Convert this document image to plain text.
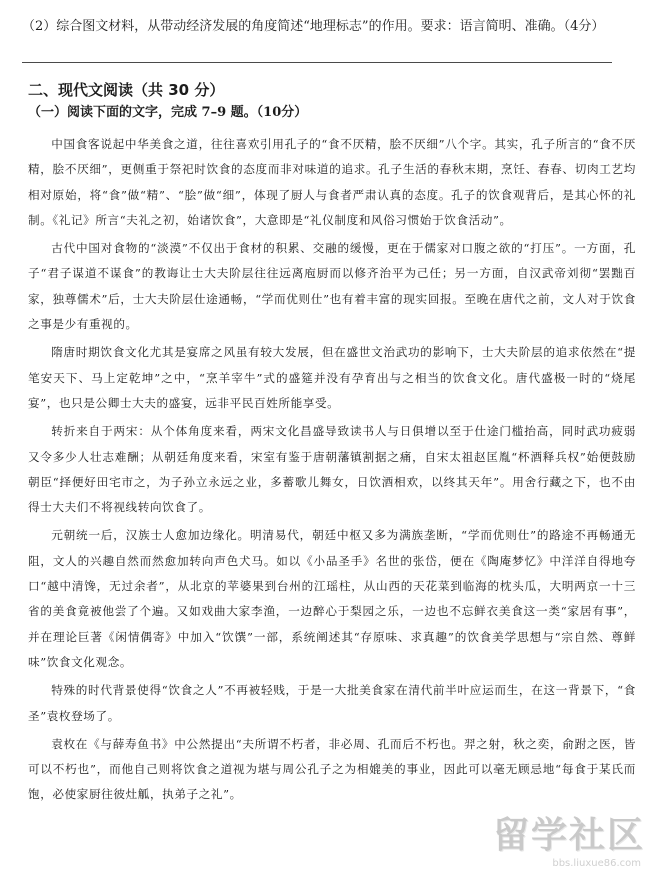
（2）综合图文材料，从带动经济发展的角度简述“地理标志”的作用。要求：语言简明、准确。（4分）
二、现代文阅读（共 30 分）
（一）阅读下面的文字，完成 7–9 题。（10分）

中国食客说起中华美食之道，往往喜欢引用孔子的“食不厌精，脍不厌细”八个字。其实，孔子所言的“食不厌精，脍不厌细”，更侧重于祭祀时饮食的态度而非对味道的追求。孔子生活的春秋末期，烹饪、舂春、切肉工艺均相对原始，将“食”做“精”、“脍”做“细”，体现了厨人与食者严肃认真的态度。孔子的饮食观背后，是其心怀的礼制。《礼记》所言“夫礼之初，始诸饮食”，大意即是“礼仪制度和风俗习惯始于饮食活动”。

古代中国对食物的“淡漠”不仅出于食材的积累、交融的缓慢，更在于儒家对口腹之欲的“打压”。一方面，孔子“君子谋道不谋食”的教诲让士大夫阶层往往远离庖厨而以修齐治平为己任；另一方面，自汉武帝刘彻“罢黜百家，独尊儒术”后，士大夫阶层仕途通畅，“学而优则仕”也有着丰富的现实回报。至晚在唐代之前，文人对于饮食之事是少有重视的。

隋唐时期饮食文化尤其是宴席之风虽有较大发展，但在盛世文治武功的影响下，士大夫阶层的追求依然在“提笔安天下、马上定乾坤”之中，“烹羊宰牛”式的盛筵并没有孕育出与之相当的饮食文化。唐代盛极一时的“烧尾宴”，也只是公卿士大夫的盛宴，远非平民百姓所能享受。

转折来自于两宋：从个体角度来看，两宋文化昌盛导致读书人与日俱增以至于仕途门槛抬高，同时武功疲弱又令多少人壮志难酬；从朝廷角度来看，宋室有鉴于唐朝藩镇割据之痛，自宋太祖赵匡胤“杯酒释兵权”始便鼓励朝臣“择便好田宅市之，为子孙立永远之业，多蓄歌儿舞女，日饮酒相欢，以终其天年”。用舍行藏之下，也不由得士大夫们不将视线转向饮食了。

元朝统一后，汉族士人愈加边缘化。明清易代，朝廷中枢又多为满族垄断，“学而优则仕”的路途不再畅通无阻，文人的兴趣自然而然愈加转向声色犬马。如以《小品圣手》名世的张岱，便在《陶庵梦忆》中洋洋自得地夸口“越中清馋，无过余者”，从北京的苹婆果到台州的江瑶柱，从山西的天花菜到临海的枕头瓜，大明两京一十三省的美食竟被他尝了个遍。又如戏曲大家李渔，一边醉心于梨园之乐，一边也不忘鲜衣美食这一类“家居有事”，并在理论巨著《闲情偶寄》中加入“饮馔”一部，系统阐述其“存原味、求真趣”的饮食美学思想与“宗自然、尊鲜味”饮食文化观念。

特殊的时代背景使得“饮食之人”不再被轻贱，于是一大批美食家在清代前半叶应运而生，在这一背景下，“食圣”袁枚登场了。

袁枚在《与薛寿鱼书》中公然提出“夫所谓不朽者，非必周、孔而后不朽也。羿之射，秋之奕，俞跗之医，皆可以不朽也”，而他自己则将饮食之道视为堪与周公孔子之为相媲美的事业，因此可以毫无顾忌地“每食于某氏而饱，必使家厨往彼灶觚，执弟子之礼”。

留学社区
bbs.liuxue86.com
